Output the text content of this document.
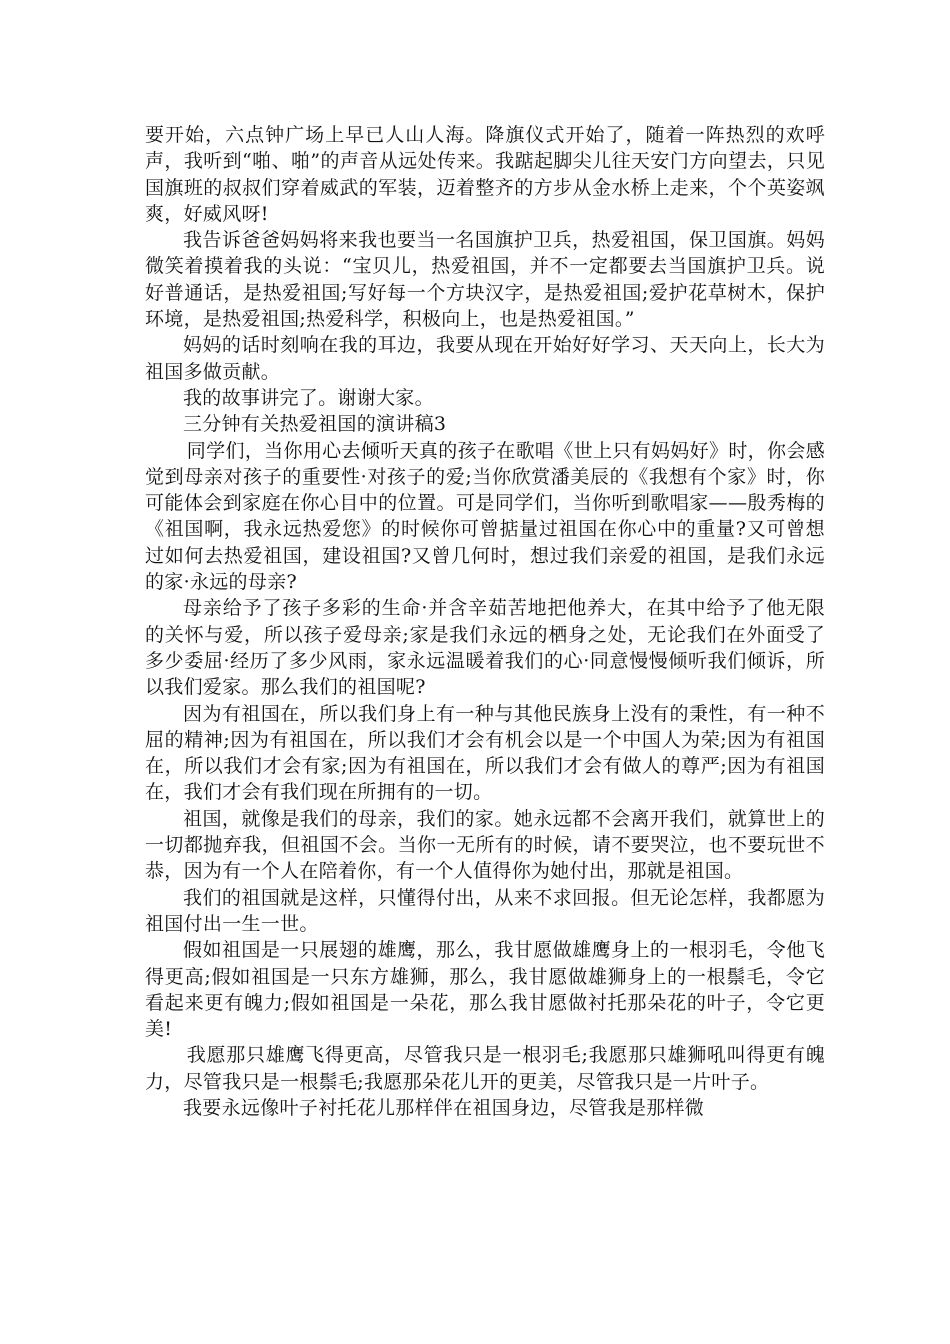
要开始，六点钟广场上早已人山人海。降旗仪式开始了，随着一阵热烈的欢呼声，我听到“啪、啪”的声音从远处传来。我踮起脚尖儿往天安门方向望去，只见国旗班的叔叔们穿着威武的军装，迈着整齐的方步从金水桥上走来，个个英姿飒爽，好威风呀!

我告诉爸爸妈妈将来我也要当一名国旗护卫兵，热爱祖国，保卫国旗。妈妈微笑着摸着我的头说：“宝贝儿，热爱祖国，并不一定都要去当国旗护卫兵。说好普通话，是热爱祖国;写好每一个方块汉字，是热爱祖国;爱护花草树木，保护环境，是热爱祖国;热爱科学，积极向上，也是热爱祖国。”

妈妈的话时刻响在我的耳边，我要从现在开始好好学习、天天向上，长大为祖国多做贡献。

我的故事讲完了。谢谢大家。

三分钟有关热爱祖国的演讲稿3

同学们，当你用心去倾听天真的孩子在歌唱《世上只有妈妈好》时，你会感觉到母亲对孩子的重要性·对孩子的爱;当你欣赏潘美辰的《我想有个家》时，你可能体会到家庭在你心目中的位置。可是同学们，当你听到歌唱家——殷秀梅的《祖国啊，我永远热爱您》的时候你可曾掂量过祖国在你心中的重量?又可曾想过如何去热爱祖国，建设祖国?又曾几何时，想过我们亲爱的祖国，是我们永远的家·永远的母亲?

母亲给予了孩子多彩的生命·并含辛茹苦地把他养大，在其中给予了他无限的关怀与爱，所以孩子爱母亲;家是我们永远的栖身之处，无论我们在外面受了多少委屈·经历了多少风雨，家永远温暖着我们的心·同意慢慢倾听我们倾诉，所以我们爱家。那么我们的祖国呢?

因为有祖国在，所以我们身上有一种与其他民族身上没有的秉性，有一种不屈的精神;因为有祖国在，所以我们才会有机会以是一个中国人为荣;因为有祖国在，所以我们才会有家;因为有祖国在，所以我们才会有做人的尊严;因为有祖国在，我们才会有我们现在所拥有的一切。

祖国，就像是我们的母亲，我们的家。她永远都不会离开我们，就算世上的一切都抛弃我，但祖国不会。当你一无所有的时候，请不要哭泣，也不要玩世不恭，因为有一个人在陪着你，有一个人值得你为她付出，那就是祖国。

我们的祖国就是这样，只懂得付出，从来不求回报。但无论怎样，我都愿为祖国付出一生一世。

假如祖国是一只展翅的雄鹰，那么，我甘愿做雄鹰身上的一根羽毛，令他飞得更高;假如祖国是一只东方雄狮，那么，我甘愿做雄狮身上的一根鬃毛，令它看起来更有魄力;假如祖国是一朵花，那么我甘愿做衬托那朵花的叶子，令它更美!

我愿那只雄鹰飞得更高，尽管我只是一根羽毛;我愿那只雄狮吼叫得更有魄力，尽管我只是一根鬃毛;我愿那朵花儿开的更美，尽管我只是一片叶子。

我要永远像叶子衬托花儿那样伴在祖国身边，尽管我是那样微
